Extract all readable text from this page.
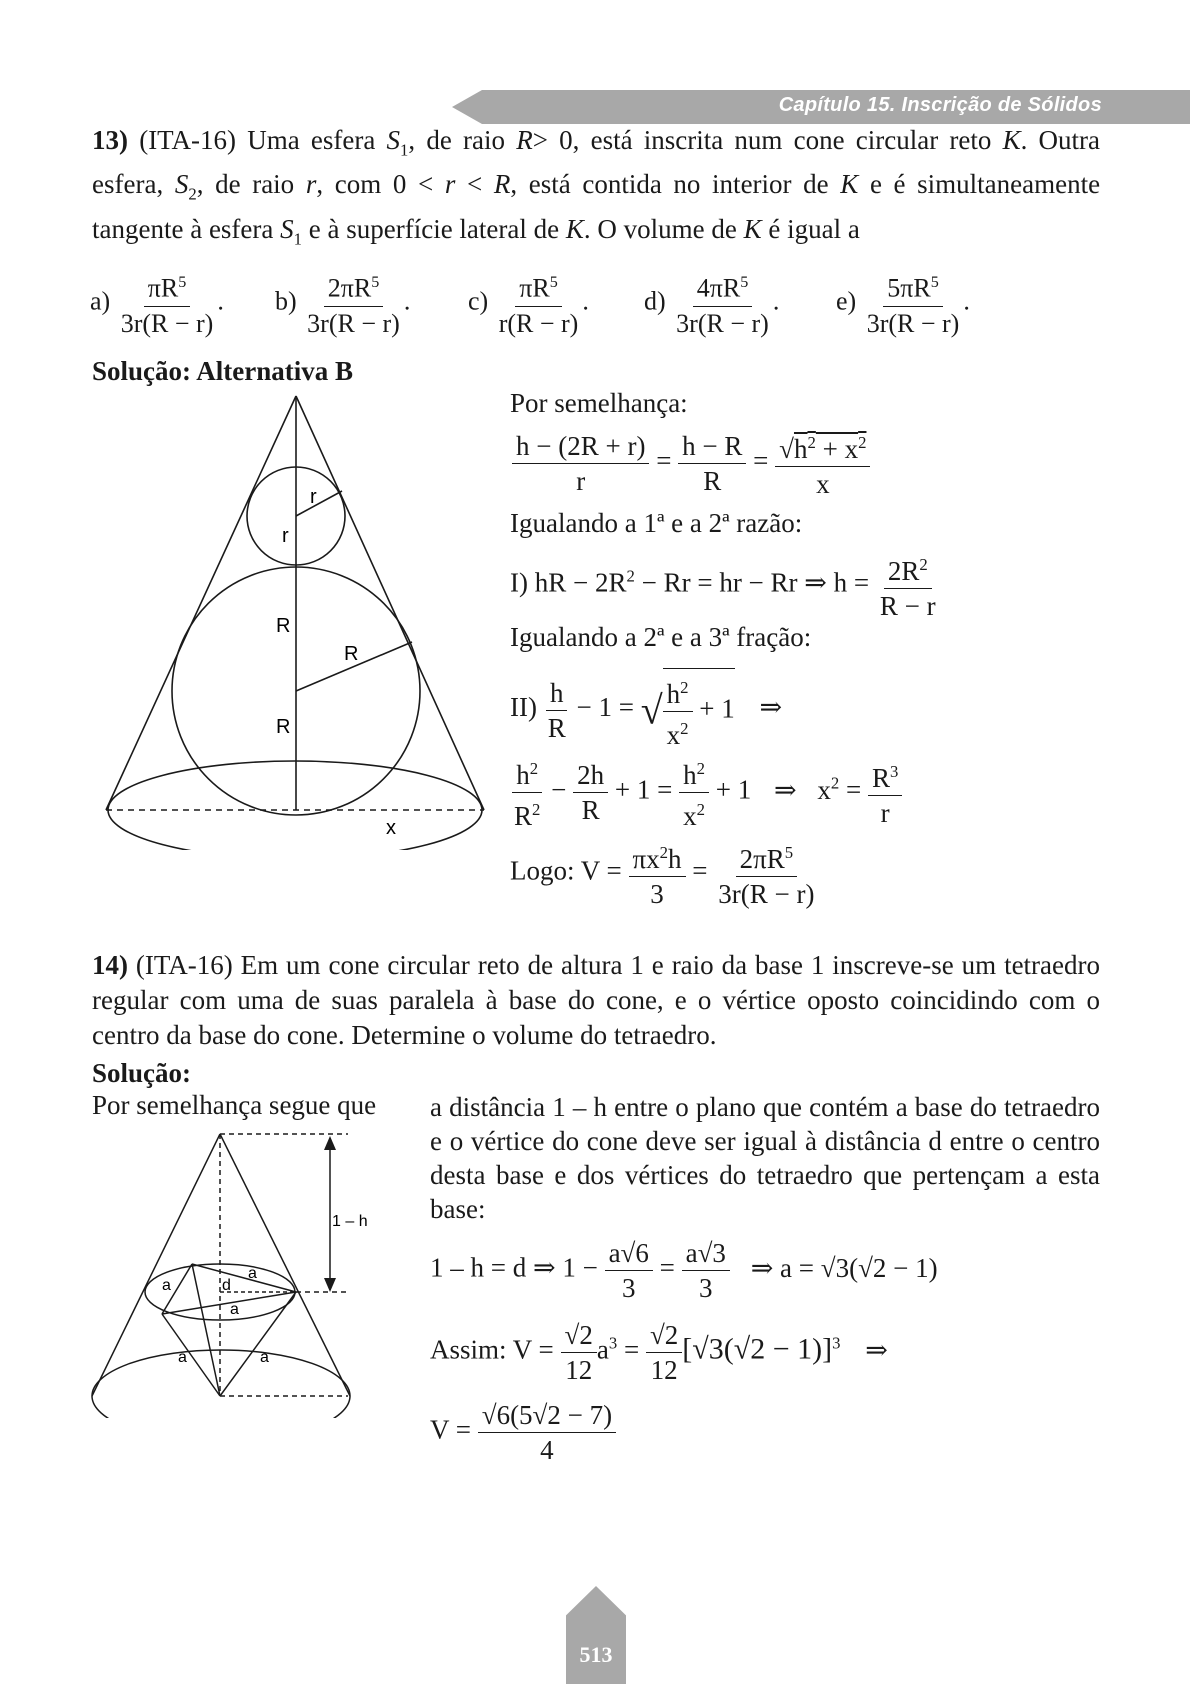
Capítulo 15. Inscrição de Sólidos

13) (ITA-16) Uma esfera $S_1$, de raio R> 0, está inscrita num cone circular reto K. Outra esfera, $S_2$, de raio r, com 0 < r < R, está contida no interior de K e é simultaneamente tangente à esfera $S_1$ e à superfície lateral de K. O volume de K é igual a

$a) \frac{\pi R^5}{3r(R - r)}$ . $b) \frac{2\pi R^5}{3r(R - r)}$ . $c) \frac{\pi R^5}{r(R - r)}$ . $d) \frac{4\pi R^5}{3r(R - r)}$ . $e) \frac{5\pi R^5}{3r(R - r)}$ .
Solução: Alternativa B
r
r
R
R
R
x
Por semelhança:
$\frac{h - (2R + r)}{r} = \frac{h - R}{R} = \frac{√h^2 + x^2}{x}$
Igualando a 1ª e a 2ª razão:
I) hR − $2R^2 - Rr$ = hr − Rr ⇒ $h = \frac{2R^2}{R - r}$
Igualando a 2ª e a 3ª fração:
$II) \frac{h}{R} - 1$ = √ $\frac{h^2}{x^2} + 1$ ⇒
$\frac{h^2}{R^2} - \frac{2h}{R} + 1 = \frac{h^2}{x^2} + 1$ ⇒ $x^2 = \frac{R^3}{r}$
Logo: $V = \frac{\pi x^2h}{3} = \frac{2\pi R^5}{3r(R - r)}$

14) (ITA-16) Em um cone circular reto de altura 1 e raio da base 1 inscreve-se um tetraedro regular com uma de suas paralela à base do cone, e o vértice oposto coincidindo com o centro da base do cone. Determine o volume do tetraedro.

Solução:
Por semelhança segue que a distância 1 – h entre o plano que contém a base do tetraedro e o vértice do cone deve ser igual à distância d entre o centro desta base e dos vértices do tetraedro que pertençam a esta base:

1 – h
a	d
a
a
a	a
1 – h = d ⇒ $1 - \frac{a√6}{3} = \frac{a√3}{3}$ ⇒ a = √3(√2 − 1)
Assim: $V = \frac{√2}{12} a^3 = \frac{√2}{12} [√3(√2 - 1)]^3$ ⇒
$V = \frac{√6(5√2 - 7)}{4}$
513
